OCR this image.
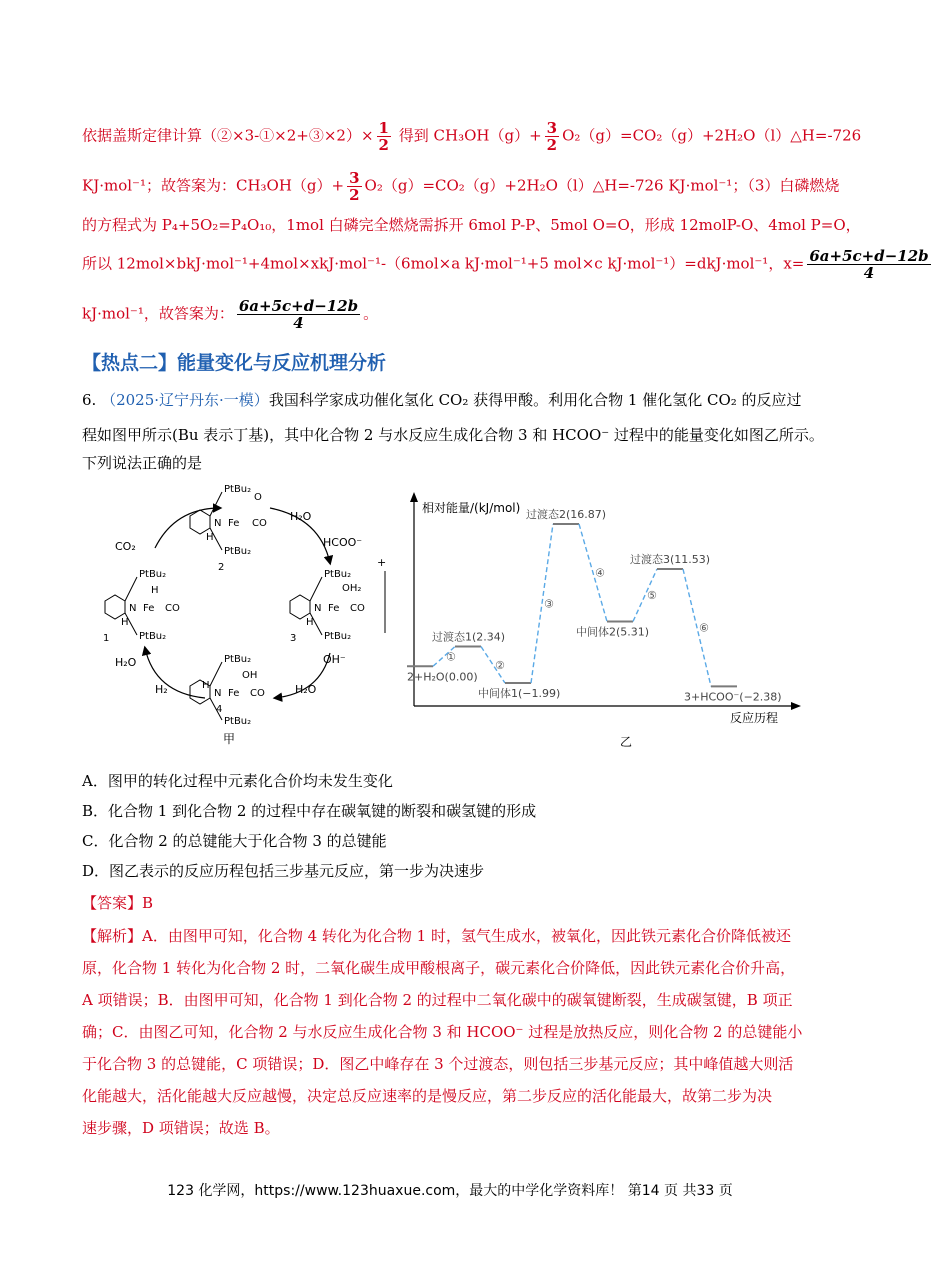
依据盖斯定律计算（②×3-①×2+③×2）× $\frac{1}{2}$ 得到 $CH_3OH(g)+ \frac{3}{2}$ O₂（g）=CO₂（g）+2H₂O（l）△H=-726
KJ·mol⁻¹；故答案为：$CH_3OH(g)+ \frac{3}{2}$ O₂（g）=CO₂（g）+2H₂O（l）△H=-726 KJ·mol⁻¹；（3）白磷燃烧
的方程式为 P₄+5O₂=P₄O₁₀，1mol 白磷完全燃烧需拆开 6mol P-P、5mol O=O，形成 12molP-O、4mol P=O，
所以 12mol×bkJ·mol⁻¹+4mol×xkJ·mol⁻¹-（6mol×a kJ·mol⁻¹+5 mol×c kJ·mol⁻¹）=dkJ·mol⁻¹，$x= \frac{6a+5c+d-12b}{4}$
kJ·mol⁻¹，故答案为： $\frac{6a+5c+d-12b}{4}$ 。
【热点二】能量变化与反应机理分析
6. （2025·辽宁丹东·一模）我国科学家成功催化氢化 CO₂ 获得甲酸。利用化合物 1 催化氢化 CO₂ 的反应过
程如图甲所示(Bu 表示丁基)，其中化合物 2 与水反应生成化合物 3 和 HCOO⁻ 过程中的能量变化如图乙所示。
下列说法正确的是
CO₂
H₂O
HCOO⁻
+
OH⁻
H₂O
H₂O
H₂
PtBu₂
N Fe CO
O
H
PtBu₂
2
PtBu₂
N Fe CO
H
H
PtBu₂
1
PtBu₂
N Fe CO
OH₂
H
PtBu₂
3
PtBu₂
N Fe CO
OH
H
PtBu₂
4
甲
相对能量/(kJ/mol)
反应历程
①
2+H₂O(0.00)
②
过渡态1(2.34)
③
中间体1(−1.99)
④
过渡态2(16.87)
⑤
中间体2(5.31)	⑥
过渡态3(11.53)
3+HCOO⁻(−2.38)
乙
A．图甲的转化过程中元素化合价均未发生变化
B．化合物 1 到化合物 2 的过程中存在碳氧键的断裂和碳氢键的形成
C．化合物 2 的总键能大于化合物 3 的总键能
D．图乙表示的反应历程包括三步基元反应，第一步为决速步
【答案】B
【解析】A．由图甲可知，化合物 4 转化为化合物 1 时，氢气生成水，被氧化，因此铁元素化合价降低被还
原，化合物 1 转化为化合物 2 时，二氧化碳生成甲酸根离子，碳元素化合价降低，因此铁元素化合价升高，
A 项错误；B．由图甲可知，化合物 1 到化合物 2 的过程中二氧化碳中的碳氧键断裂，生成碳氢键，B 项正
确；C．由图乙可知，化合物 2 与水反应生成化合物 3 和 HCOO⁻ 过程是放热反应，则化合物 2 的总键能小
于化合物 3 的总键能，C 项错误；D．图乙中峰存在 3 个过渡态，则包括三步基元反应；其中峰值越大则活
化能越大，活化能越大反应越慢，决定总反应速率的是慢反应，第二步反应的活化能最大，故第二步为决
速步骤，D 项错误；故选 B。
123 化学网，https://www.123huaxue.com，最大的中学化学资料库！ 第14 页 共33 页
